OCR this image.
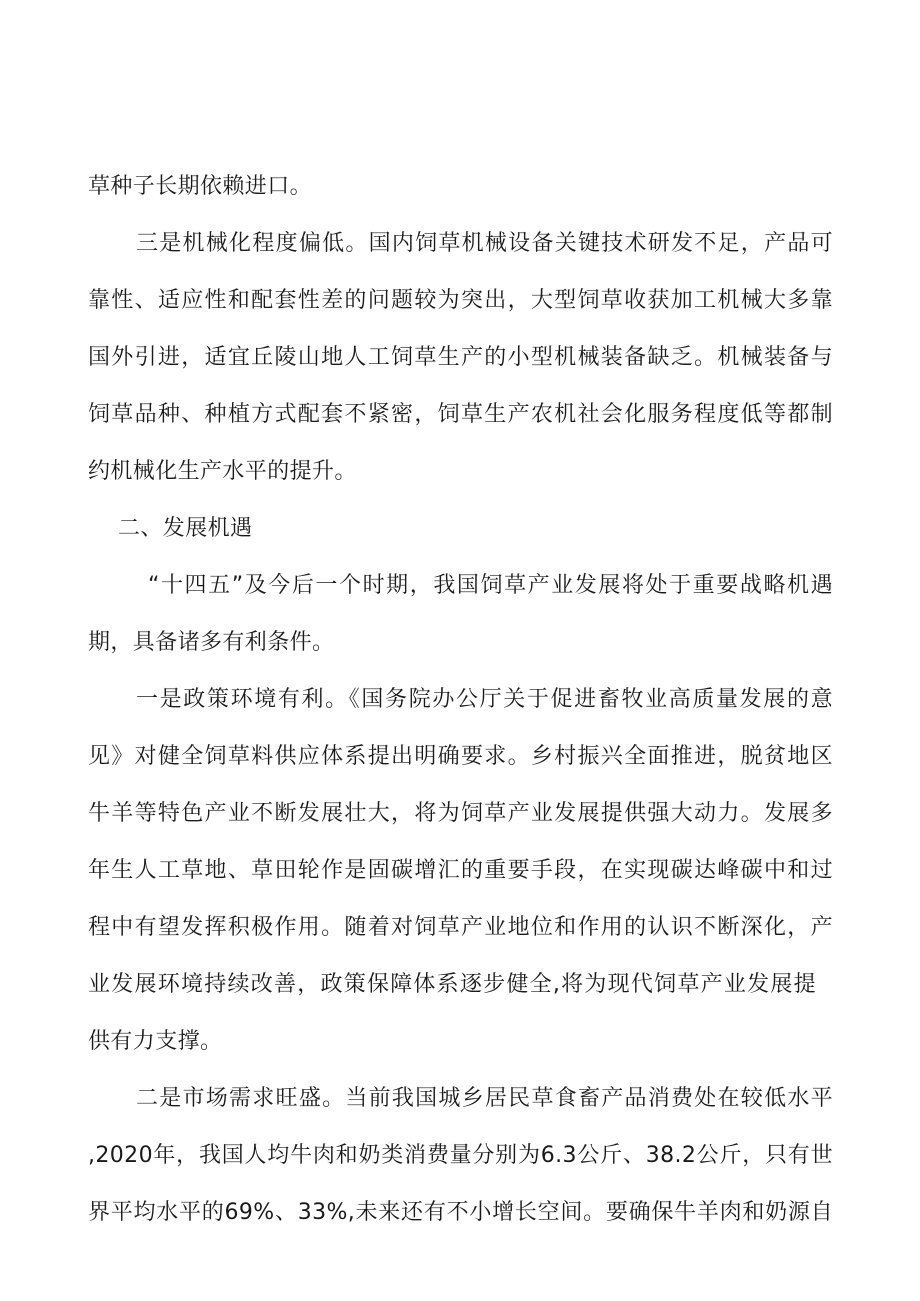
草种子长期依赖进口。
三是机械化程度偏低。国内饲草机械设备关键技术研发不足，产品可
靠性、适应性和配套性差的问题较为突出，大型饲草收获加工机械大多靠
国外引进，适宜丘陵山地人工饲草生产的小型机械装备缺乏。机械装备与
饲草品种、种植方式配套不紧密，饲草生产农机社会化服务程度低等都制
约机械化生产水平的提升。
二、发展机遇
“十四五”及今后一个时期，我国饲草产业发展将处于重要战略机遇
期，具备诸多有利条件。
一是政策环境有利。《国务院办公厅关于促进畜牧业高质量发展的意
见》对健全饲草料供应体系提出明确要求。乡村振兴全面推进，脱贫地区
牛羊等特色产业不断发展壮大，将为饲草产业发展提供强大动力。发展多
年生人工草地、草田轮作是固碳增汇的重要手段，在实现碳达峰碳中和过
程中有望发挥积极作用。随着对饲草产业地位和作用的认识不断深化，产
业发展环境持续改善，政策保障体系逐步健全,将为现代饲草产业发展提
供有力支撑。
二是市场需求旺盛。当前我国城乡居民草食畜产品消费处在较低水平
,2020年，我国人均牛肉和奶类消费量分别为6.3公斤、38.2公斤，只有世
界平均水平的69%、33%,未来还有不小增长空间。要确保牛羊肉和奶源自
